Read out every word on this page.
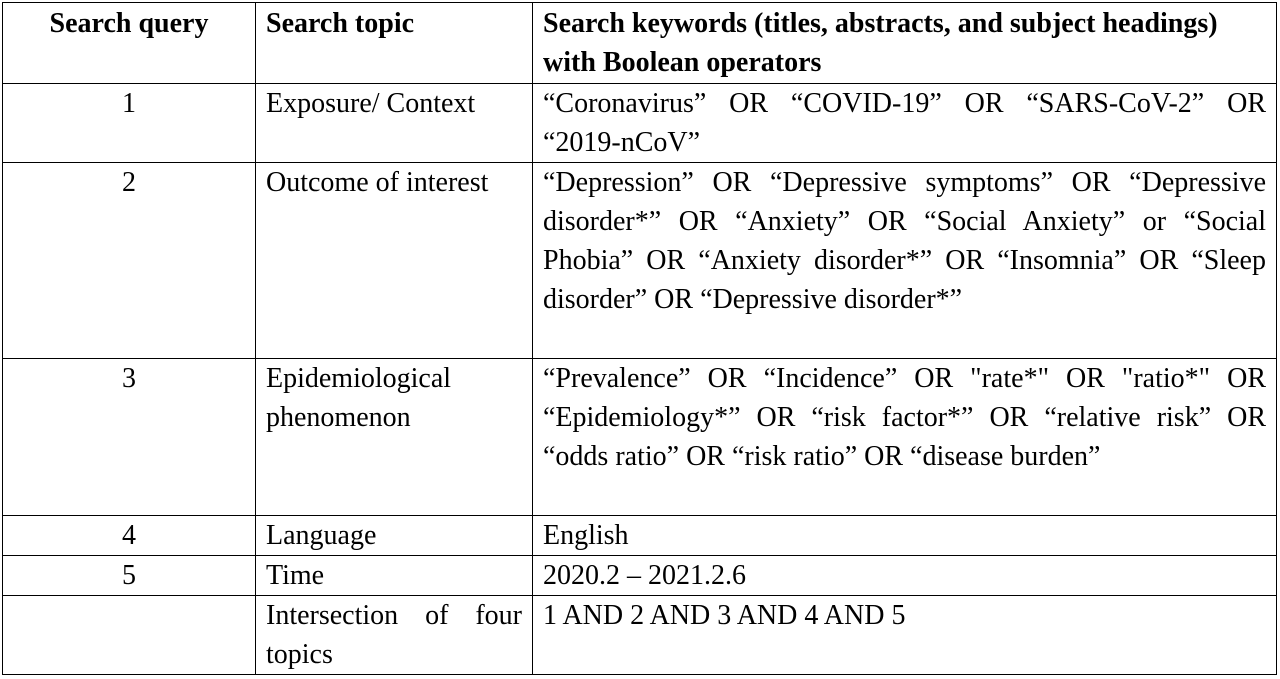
Search query	Search topic	Search keywords (titles, abstracts, and subject headings) with Boolean operators
1	Exposure/ Context	“Coronavirus” OR “COVID-19” OR “SARS-CoV-2” OR “2019-nCoV”
2	Outcome of interest	“Depression” OR “Depressive symptoms” OR “Depressive disorder*” OR “Anxiety” OR “Social Anxiety” or “Social Phobia” OR “Anxiety disorder*” OR “Insomnia” OR “Sleep disorder” OR “Depressive disorder*”
3	Epidemiological phenomenon	“Prevalence” OR “Incidence” OR "rate*" OR "ratio*" OR “Epidemiology*” OR “risk factor*” OR “relative risk” OR “odds ratio” OR “risk ratio” OR “disease burden”
4	Language	English
5	Time	2020.2 – 2021.2.6
	Intersection of four topics	1 AND 2 AND 3 AND 4 AND 5
